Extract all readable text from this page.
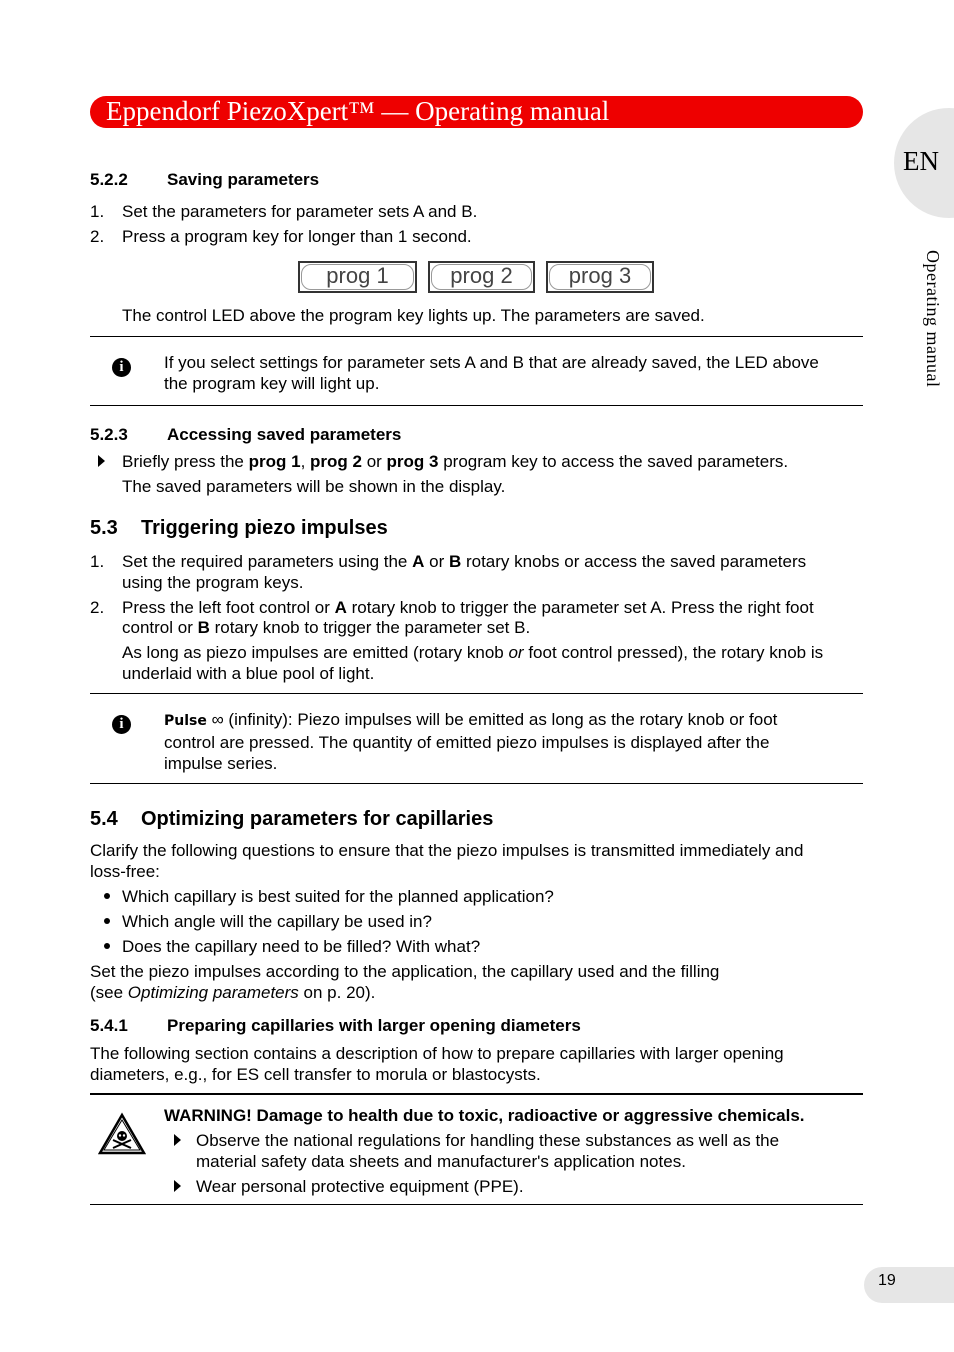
Eppendorf PiezoXpert™ — Operating manual
EN
Operating manual
5.2.2 Saving parameters
1. Set the parameters for parameter sets A and B.
2. Press a program key for longer than 1 second.
prog 1	prog 2	prog 3
The control LED above the program key lights up. The parameters are saved.
i	If you select settings for parameter sets A and B that are already saved, the LED above
the program key will light up.
5.2.3 Accessing saved parameters
Briefly press the prog 1, prog 2 or prog 3 program key to access the saved parameters.
The saved parameters will be shown in the display.
5.3 Triggering piezo impulses
1. Set the required parameters using the A or B rotary knobs or access the saved parameters
using the program keys.
2. Press the left foot control or A rotary knob to trigger the parameter set A. Press the right foot
control or B rotary knob to trigger the parameter set B.
As long as piezo impulses are emitted (rotary knob or foot control pressed), the rotary knob is
underlaid with a blue pool of light.
i	Pulse ∞ (infinity): Piezo impulses will be emitted as long as the rotary knob or foot
control are pressed. The quantity of emitted piezo impulses is displayed after the
impulse series.
5.4 Optimizing parameters for capillaries
Clarify the following questions to ensure that the piezo impulses is transmitted immediately and
loss-free:
Which capillary is best suited for the planned application?
Which angle will the capillary be used in?
Does the capillary need to be filled? With what?
Set the piezo impulses according to the application, the capillary used and the filling
(see Optimizing parameters on p. 20).
5.4.1 Preparing capillaries with larger opening diameters
The following section contains a description of how to prepare capillaries with larger opening
diameters, e.g., for ES cell transfer to morula or blastocysts.
WARNING! Damage to health due to toxic, radioactive or aggressive chemicals.
Observe the national regulations for handling these substances as well as the
material safety data sheets and manufacturer's application notes.
Wear personal protective equipment (PPE).
19
